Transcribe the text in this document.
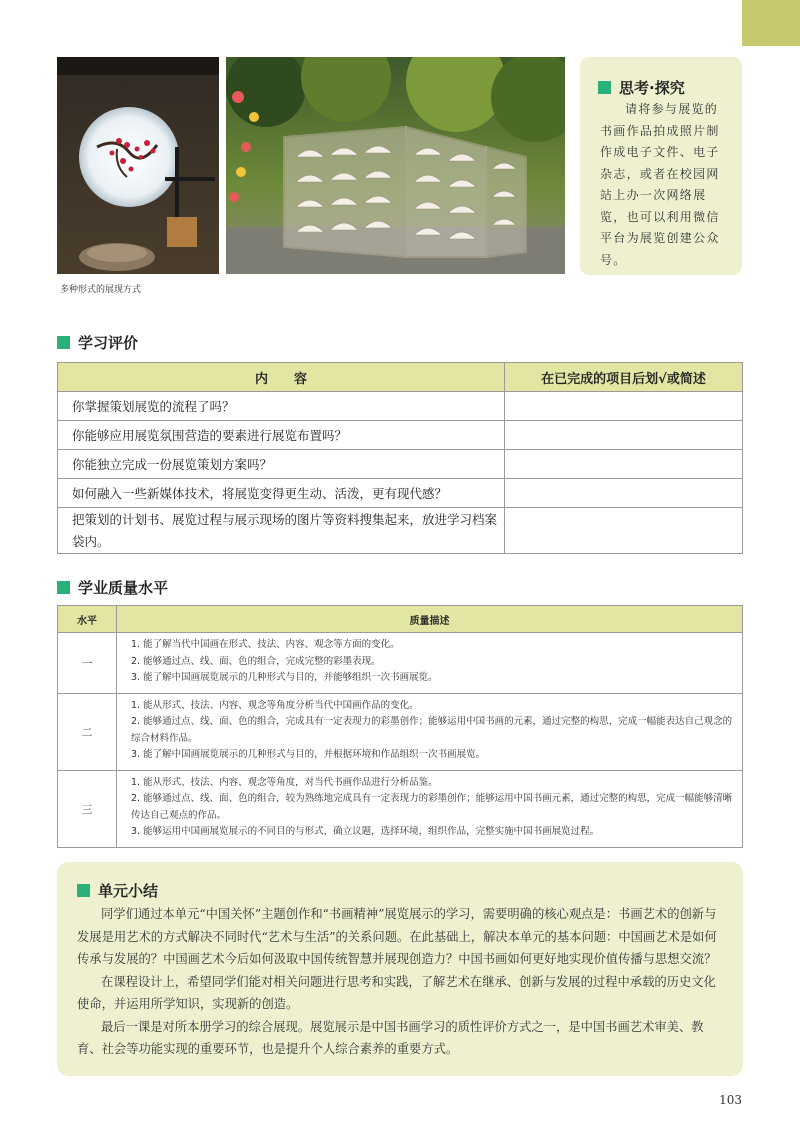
多种形式的展现方式
思考·探究
请将参与展览的书画作品拍成照片制作成电子文件、电子杂志，或者在校园网站上办一次网络展览，也可以利用微信平台为展览创建公众号。
学习评价
内　　容	在已完成的项目后划√或简述
你掌握策划展览的流程了吗？	
你能够应用展览氛围营造的要素进行展览布置吗？	
你能独立完成一份展览策划方案吗？	
如何融入一些新媒体技术，将展览变得更生动、活泼，更有现代感？	
把策划的计划书、展览过程与展示现场的图片等资料搜集起来，放进学习档案袋内。	
学业质量水平
水平	质量描述
一	1. 能了解当代中国画在形式、技法、内容、观念等方面的变化。
2. 能够通过点、线、面、色的组合，完成完整的彩墨表现。
3. 能了解中国画展览展示的几种形式与目的，并能够组织一次书画展览。

二	1. 能从形式、技法、内容、观念等角度分析当代中国画作品的变化。
2. 能够通过点、线、面、色的组合，完成具有一定表现力的彩墨创作；能够运用中国书画的元素，通过完整的构思，完成一幅能表达自己观念的综合材料作品。
3. 能了解中国画展览展示的几种形式与目的，并根据环境和作品组织一次书画展览。

三	1. 能从形式、技法、内容、观念等角度，对当代书画作品进行分析品鉴。
2. 能够通过点、线、面、色的组合，较为熟练地完成具有一定表现力的彩墨创作；能够运用中国书画元素，通过完整的构思，完成一幅能够清晰传达自己观点的作品。
3. 能够运用中国画展览展示的不同目的与形式，确立议题，选择环境，组织作品，完整实施中国书画展览过程。
单元小结

同学们通过本单元“中国关怀”主题创作和“书画精神”展览展示的学习，需要明确的核心观点是：书画艺术的创新与发展是用艺术的方式解决不同时代“艺术与生活”的关系问题。在此基础上，解决本单元的基本问题：中国画艺术是如何传承与发展的？中国画艺术今后如何汲取中国传统智慧并展现创造力？中国书画如何更好地实现价值传播与思想交流？

在课程设计上，希望同学们能对相关问题进行思考和实践，了解艺术在继承、创新与发展的过程中承载的历史文化使命，并运用所学知识，实现新的创造。

最后一课是对所本册学习的综合展现。展览展示是中国书画学习的质性评价方式之一，是中国书画艺术审美、教育、社会等功能实现的重要环节，也是提升个人综合素养的重要方式。

103
